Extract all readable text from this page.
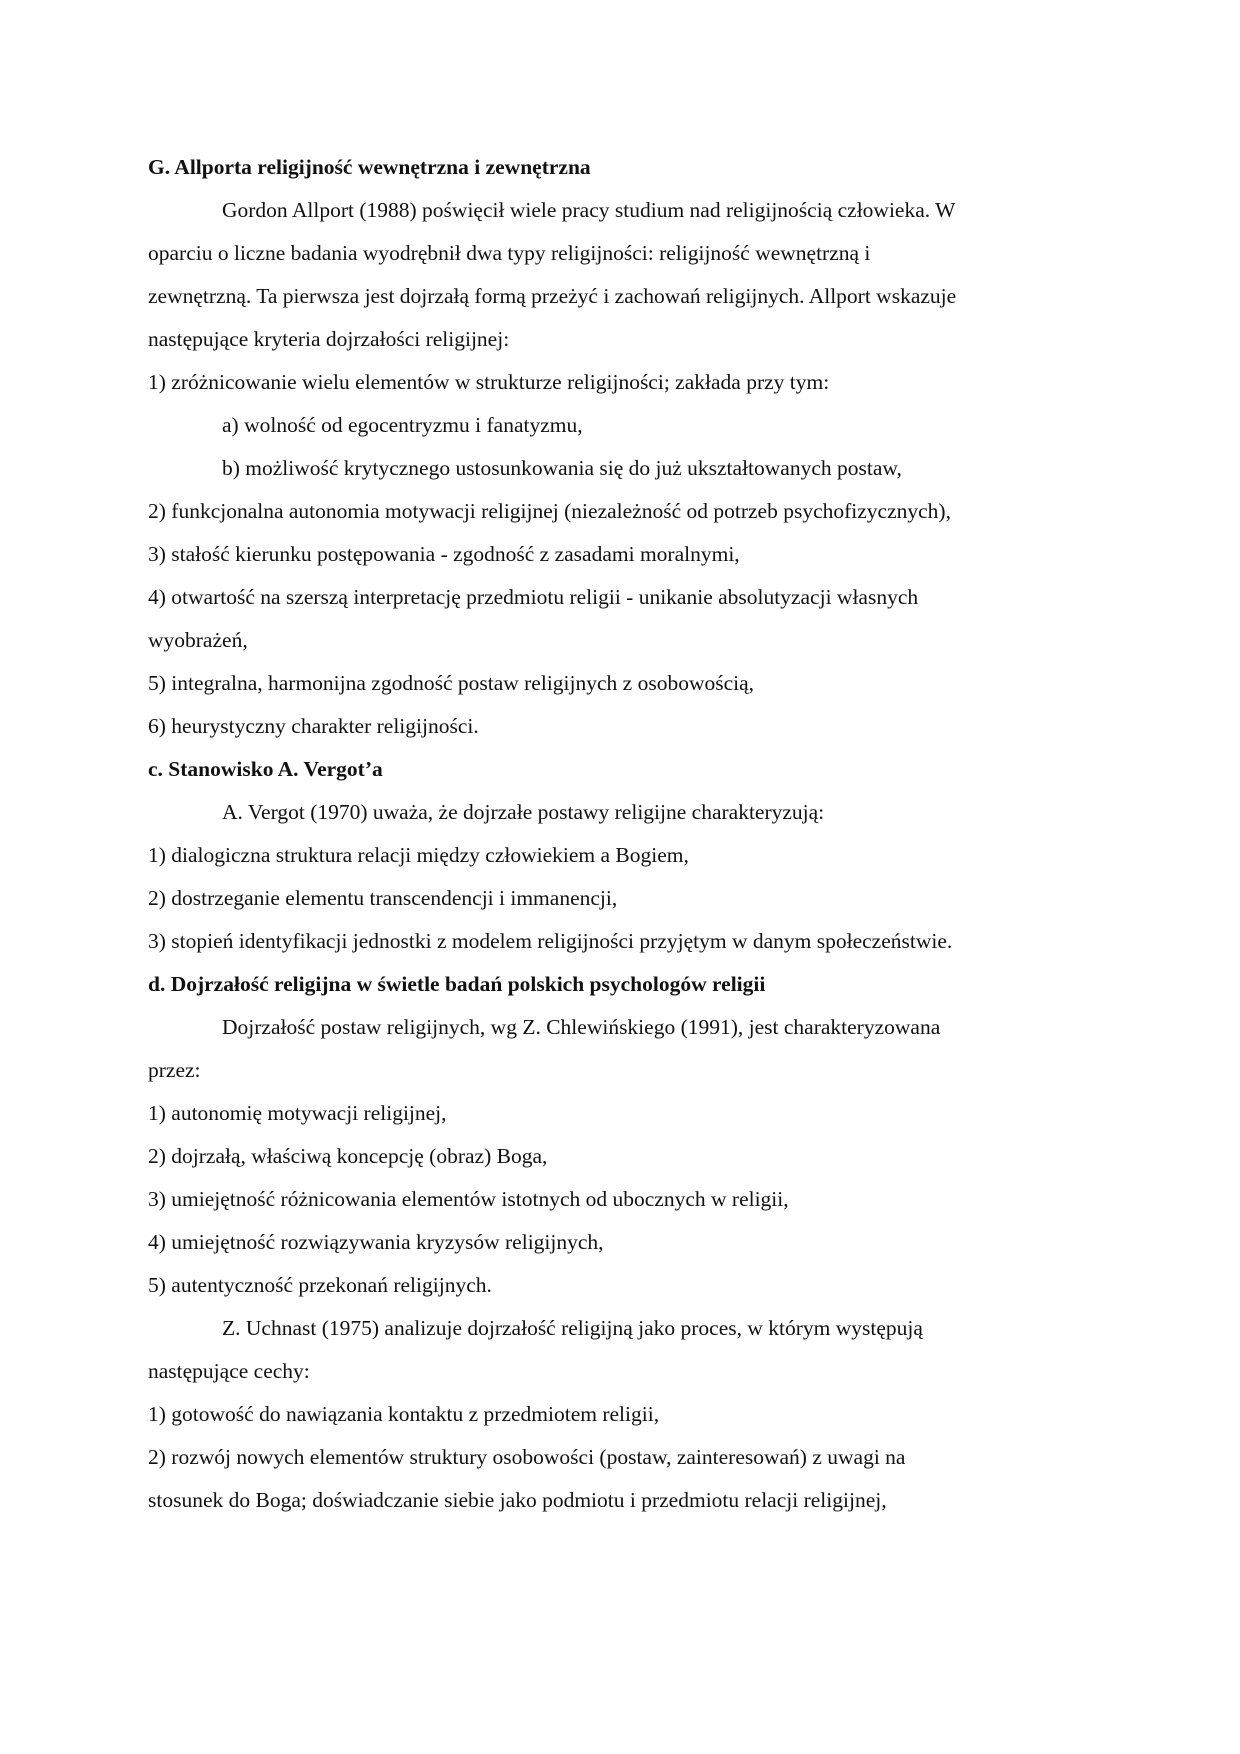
G. Allporta religijność wewnętrzna i zewnętrzna
Gordon Allport (1988) poświęcił wiele pracy studium nad religijnością człowieka. W
oparciu o liczne badania wyodrębnił dwa typy religijności: religijność wewnętrzną i
zewnętrzną. Ta pierwsza jest dojrzałą formą przeżyć i zachowań religijnych. Allport wskazuje
następujące kryteria dojrzałości religijnej:
1) zróżnicowanie wielu elementów w strukturze religijności; zakłada przy tym:
a) wolność od egocentryzmu i fanatyzmu,
b) możliwość krytycznego ustosunkowania się do już ukształtowanych postaw,
2) funkcjonalna autonomia motywacji religijnej (niezależność od potrzeb psychofizycznych),
3) stałość kierunku postępowania - zgodność z zasadami moralnymi,
4) otwartość na szerszą interpretację przedmiotu religii - unikanie absolutyzacji własnych
wyobrażeń,
5) integralna, harmonijna zgodność postaw religijnych z osobowością,
6) heurystyczny charakter religijności.
c. Stanowisko A. Vergot’a
A. Vergot (1970) uważa, że dojrzałe postawy religijne charakteryzują:
1) dialogiczna struktura relacji między człowiekiem a Bogiem,
2) dostrzeganie elementu transcendencji i immanencji,
3) stopień identyfikacji jednostki z modelem religijności przyjętym w danym społeczeństwie.
d. Dojrzałość religijna w świetle badań polskich psychologów religii
Dojrzałość postaw religijnych, wg Z. Chlewińskiego (1991), jest charakteryzowana
przez:
1) autonomię motywacji religijnej,
2) dojrzałą, właściwą koncepcję (obraz) Boga,
3) umiejętność różnicowania elementów istotnych od ubocznych w religii,
4) umiejętność rozwiązywania kryzysów religijnych,
5) autentyczność przekonań religijnych.
Z. Uchnast (1975) analizuje dojrzałość religijną jako proces, w którym występują
następujące cechy:
1) gotowość do nawiązania kontaktu z przedmiotem religii,
2) rozwój nowych elementów struktury osobowości (postaw, zainteresowań) z uwagi na
stosunek do Boga; doświadczanie siebie jako podmiotu i przedmiotu relacji religijnej,
